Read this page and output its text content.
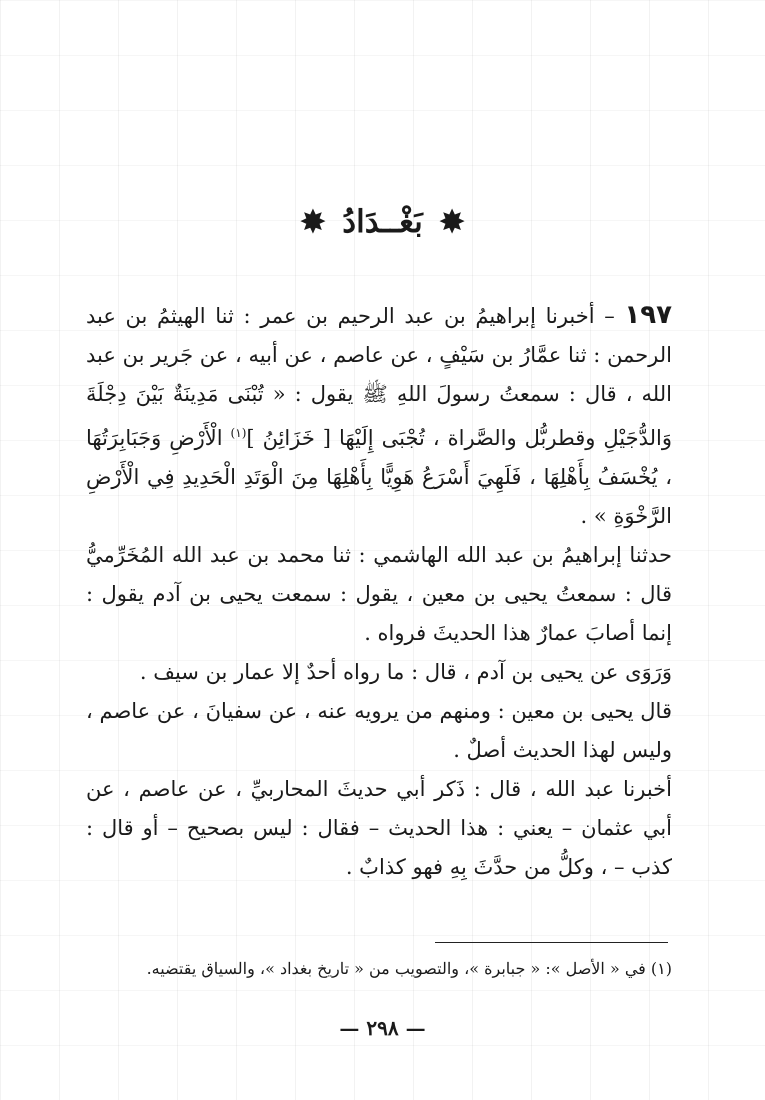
✸ بَغْــدَادُ ✸

١٩٧ – أخبرنا إبراهيمُ بن عبد الرحيم بن عمر : ثنا الهيثمُ بن عبد الرحمن : ثنا عمَّارُ بن سَيْفٍ ، عن عاصم ، عن أبيه ، عن جَرير بن عبد الله ، قال : سمعتُ رسولَ اللهِ ﷺ يقول : « تُبْنَى مَدِينَةٌ بَيْنَ دِجْلَةَ وَالدُّجَيْلِ وقطربُّل والصَّراة ، تُجْبَى إِلَيْهَا [ خَزَائِنُ ]$^{(١)}$ الْأَرْضِ وَجَبَابِرَتُهَا ، يُخْسَفُ بِأَهْلِهَا ، فَلَهِيَ أَسْرَعُ هَوِيًّا بِأَهْلِهَا مِنَ الْوَتَدِ الْحَدِيدِ فِي الْأَرْضِ الرَّخْوَةِ » .

حدثنا إبراهيمُ بن عبد الله الهاشمي : ثنا محمد بن عبد الله المُخَرِّميُّ قال : سمعتُ يحيى بن معين ، يقول : سمعت يحيى بن آدم يقول : إنما أصابَ عمارٌ هذا الحديثَ فرواه .

وَرَوَى عن يحيى بن آدم ، قال : ما رواه أحدٌ إلا عمار بن سيف .

قال يحيى بن معين : ومنهم من يرويه عنه ، عن سفيانَ ، عن عاصم ، وليس لهذا الحديث أصلٌ .

أخبرنا عبد الله ، قال : ذَكر أبي حديثَ المحاربيِّ ، عن عاصم ، عن أبي عثمان – يعني : هذا الحديث – فقال : ليس بصحيح – أو قال : كذب – ، وكلُّ من حدَّثَ بِهِ فهو كذابٌ .

(١) في « الأصل »: « جبابرة »، والتصويب من « تاريخ بغداد »، والسياق يقتضيه.
— ٢٩٨ —
